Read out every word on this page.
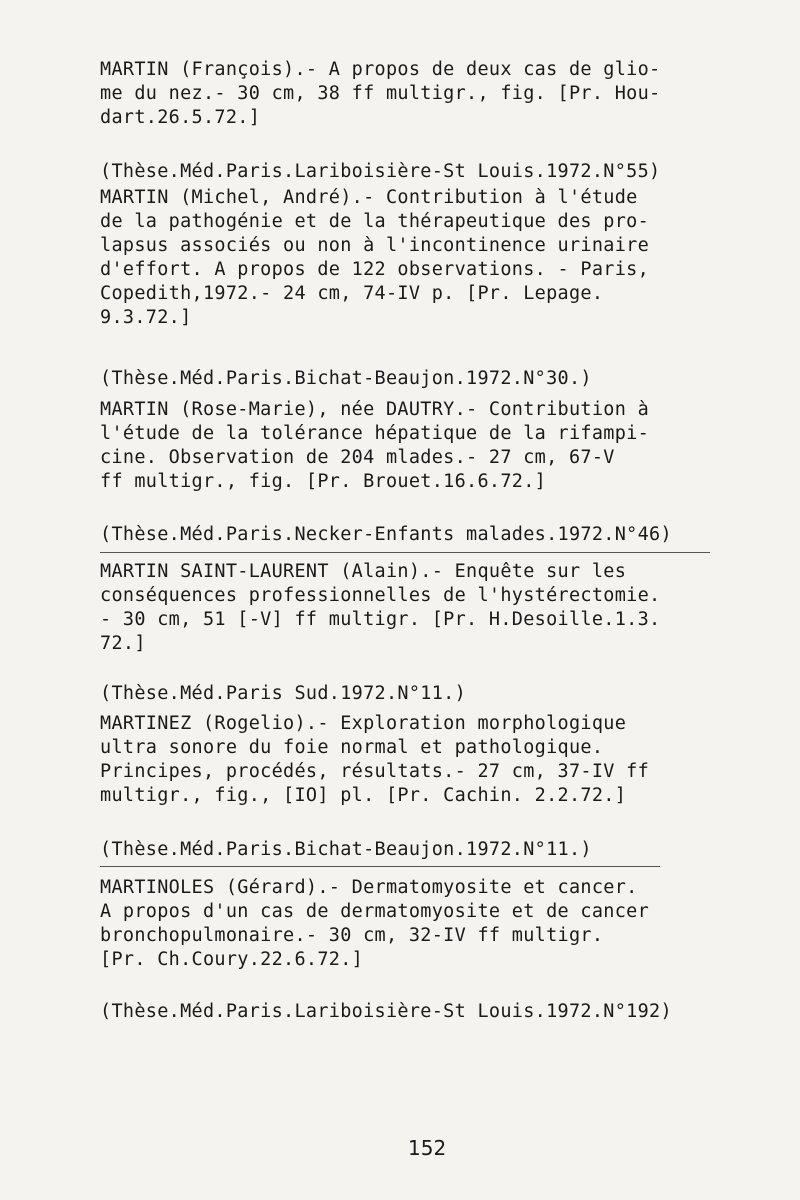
MARTIN (François).- A propos de deux cas de glio-
me du nez.- 30 cm, 38 ff multigr., fig. [Pr. Hou-
dart.26.5.72.]
(Thèse.Méd.Paris.Lariboisière-St Louis.1972.N°55)
MARTIN (Michel, André).- Contribution à l'étude
de la pathogénie et de la thérapeutique des pro-
lapsus associés ou non à l'incontinence urinaire
d'effort. A propos de 122 observations. - Paris,
Copedith,1972.- 24 cm, 74-IV p. [Pr. Lepage.
9.3.72.]
(Thèse.Méd.Paris.Bichat-Beaujon.1972.N°30.)
MARTIN (Rose-Marie), née DAUTRY.- Contribution à
l'étude de la tolérance hépatique de la rifampi-
cine. Observation de 204 mlades.- 27 cm, 67-V
ff multigr., fig. [Pr. Brouet.16.6.72.]
(Thèse.Méd.Paris.Necker-Enfants malades.1972.N°46)
MARTIN SAINT-LAURENT (Alain).- Enquête sur les
conséquences professionnelles de l'hystérectomie.
- 30 cm, 51 [-V] ff multigr. [Pr. H.Desoille.1.3.
72.]
(Thèse.Méd.Paris Sud.1972.N°11.)
MARTINEZ (Rogelio).- Exploration morphologique
ultra sonore du foie normal et pathologique.
Principes, procédés, résultats.- 27 cm, 37-IV ff
multigr., fig., [IO] pl. [Pr. Cachin. 2.2.72.]
(Thèse.Méd.Paris.Bichat-Beaujon.1972.N°11.)
MARTINOLES (Gérard).- Dermatomyosite et cancer.
A propos d'un cas de dermatomyosite et de cancer
bronchopulmonaire.- 30 cm, 32-IV ff multigr.
[Pr. Ch.Coury.22.6.72.]
(Thèse.Méd.Paris.Lariboisière-St Louis.1972.N°192)
152
